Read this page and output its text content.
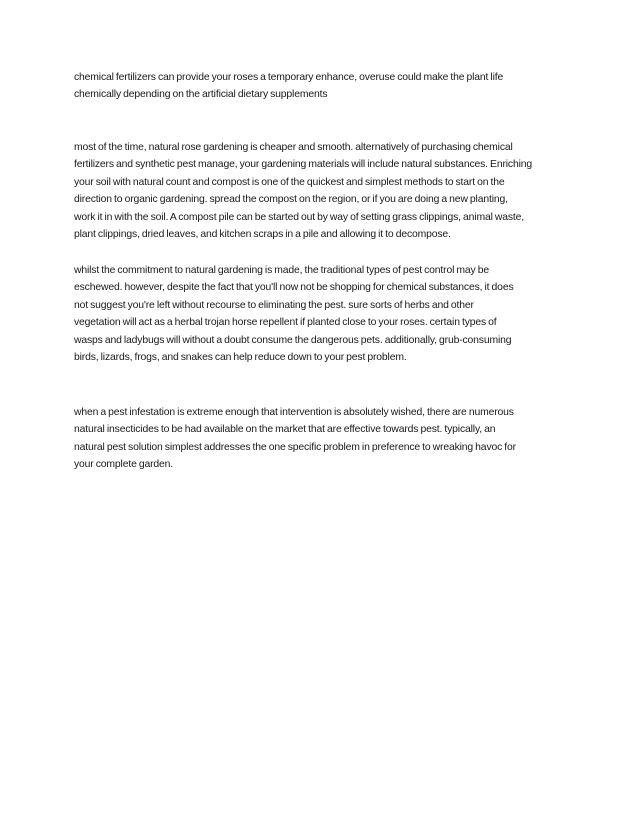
chemical fertilizers can provide your roses a temporary enhance, overuse could make the plant life
chemically depending on the artificial dietary supplements

most of the time, natural rose gardening is cheaper and smooth. alternatively of purchasing chemical
fertilizers and synthetic pest manage, your gardening materials will include natural substances. Enriching
your soil with natural count and compost is one of the quickest and simplest methods to start on the
direction to organic gardening. spread the compost on the region, or if you are doing a new planting,
work it in with the soil. A compost pile can be started out by way of setting grass clippings, animal waste,
plant clippings, dried leaves, and kitchen scraps in a pile and allowing it to decompose.

whilst the commitment to natural gardening is made, the traditional types of pest control may be
eschewed. however, despite the fact that you'll now not be shopping for chemical substances, it does
not suggest you're left without recourse to eliminating the pest. sure sorts of herbs and other
vegetation will act as a herbal trojan horse repellent if planted close to your roses. certain types of
wasps and ladybugs will without a doubt consume the dangerous pets. additionally, grub-consuming
birds, lizards, frogs, and snakes can help reduce down to your pest problem.

when a pest infestation is extreme enough that intervention is absolutely wished, there are numerous
natural insecticides to be had available on the market that are effective towards pest. typically, an
natural pest solution simplest addresses the one specific problem in preference to wreaking havoc for
your complete garden.
